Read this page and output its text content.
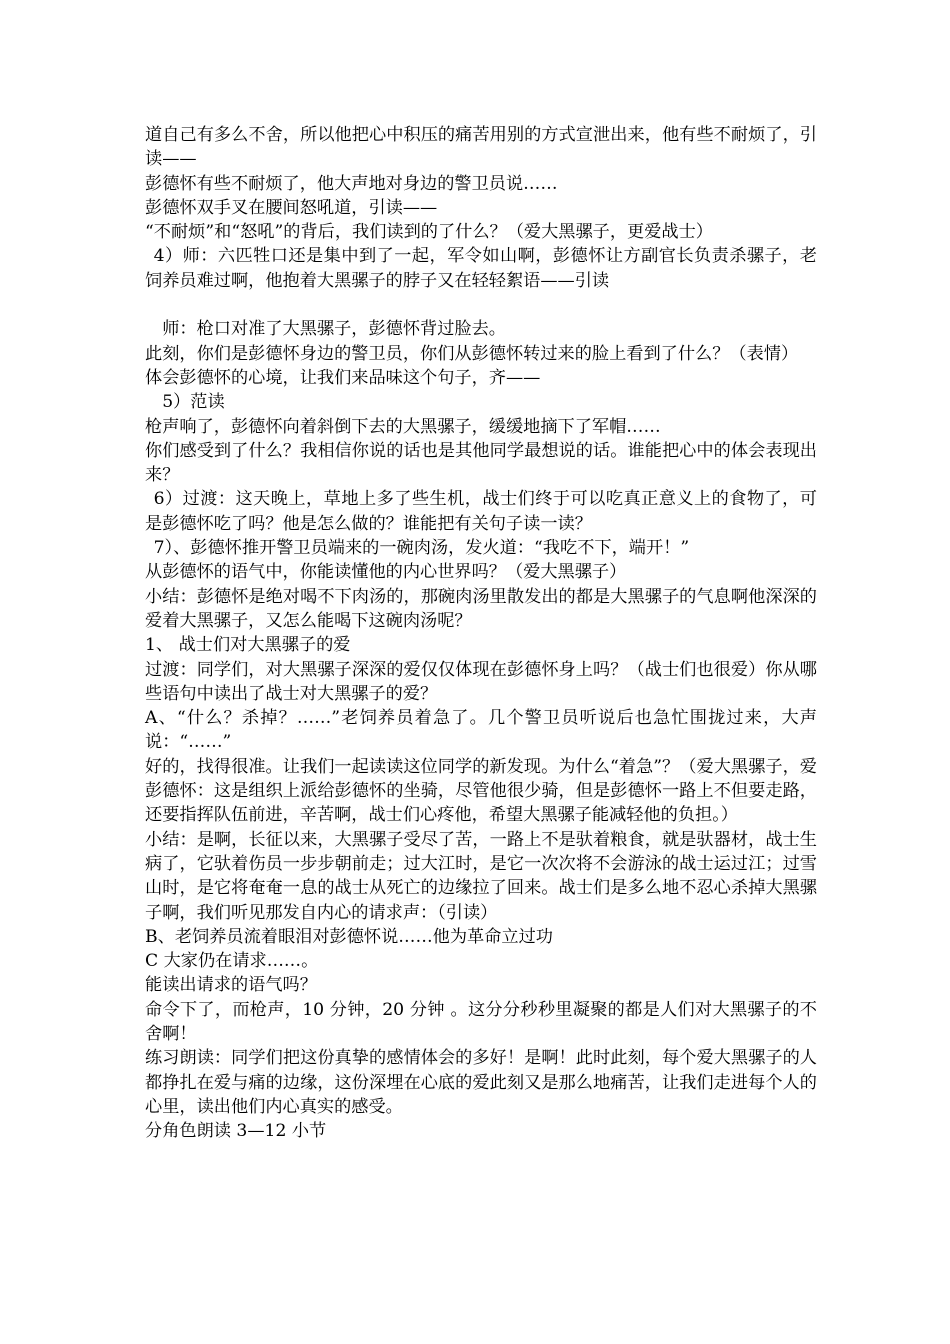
道自己有多么不舍，所以他把心中积压的痛苦用别的方式宣泄出来，他有些不耐烦了，引读——

彭德怀有些不耐烦了，他大声地对身边的警卫员说……

彭德怀双手叉在腰间怒吼道，引读——

“不耐烦”和“怒吼”的背后，我们读到的了什么？（爱大黑骡子，更爱战士）

4）师：六匹牲口还是集中到了一起，军令如山啊，彭德怀让方副官长负责杀骡子，老饲养员难过啊，他抱着大黑骡子的脖子又在轻轻絮语——引读

师：枪口对准了大黑骡子，彭德怀背过脸去。

此刻，你们是彭德怀身边的警卫员，你们从彭德怀转过来的脸上看到了什么？（表情）

体会彭德怀的心境，让我们来品味这个句子，齐——

5）范读

枪声响了，彭德怀向着斜倒下去的大黑骡子，缓缓地摘下了军帽……

你们感受到了什么？我相信你说的话也是其他同学最想说的话。谁能把心中的体会表现出来？

6）过渡：这天晚上，草地上多了些生机，战士们终于可以吃真正意义上的食物了，可是彭德怀吃了吗？他是怎么做的？谁能把有关句子读一读？

7）、彭德怀推开警卫员端来的一碗肉汤，发火道：“我吃不下，端开！”

从彭德怀的语气中，你能读懂他的内心世界吗？（爱大黑骡子）

小结：彭德怀是绝对喝不下肉汤的，那碗肉汤里散发出的都是大黑骡子的气息啊他深深的爱着大黑骡子，又怎么能喝下这碗肉汤呢？

1、 战士们对大黑骡子的爱

过渡：同学们，对大黑骡子深深的爱仅仅体现在彭德怀身上吗？（战士们也很爱）你从哪些语句中读出了战士对大黑骡子的爱？

A、“什么？杀掉？……”老饲养员着急了。几个警卫员听说后也急忙围拢过来，大声说：“……”

好的，找得很准。让我们一起读读这位同学的新发现。为什么“着急”？（爱大黑骡子，爱彭德怀：这是组织上派给彭德怀的坐骑，尽管他很少骑，但是彭德怀一路上不但要走路，还要指挥队伍前进，辛苦啊，战士们心疼他，希望大黑骡子能减轻他的负担。）

小结：是啊，长征以来，大黑骡子受尽了苦，一路上不是驮着粮食，就是驮器材，战士生病了，它驮着伤员一步步朝前走；过大江时，是它一次次将不会游泳的战士运过江；过雪山时，是它将奄奄一息的战士从死亡的边缘拉了回来。战士们是多么地不忍心杀掉大黑骡子啊，我们听见那发自内心的请求声：（引读）

B、老饲养员流着眼泪对彭德怀说……他为革命立过功

C 大家仍在请求……。

能读出请求的语气吗？

命令下了，而枪声，10 分钟，20 分钟 。这分分秒秒里凝聚的都是人们对大黑骡子的不舍啊！

练习朗读：同学们把这份真挚的感情体会的多好！是啊！此时此刻，每个爱大黑骡子的人都挣扎在爱与痛的边缘，这份深埋在心底的爱此刻又是那么地痛苦，让我们走进每个人的心里，读出他们内心真实的感受。

分角色朗读 3—12 小节
